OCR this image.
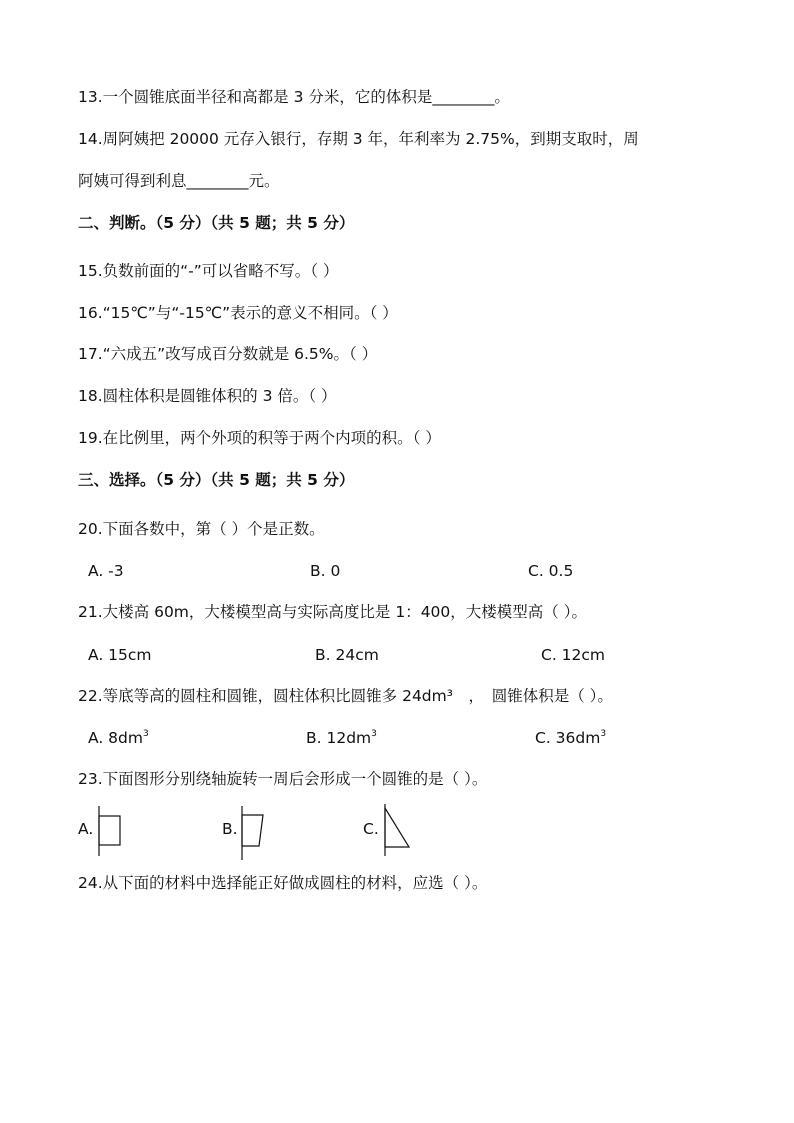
13.一个圆锥底面半径和高都是 3 分米，它的体积是________。
14.周阿姨把 20000 元存入银行，存期 3 年，年利率为 2.75%，到期支取时，周
阿姨可得到利息________元。
二、判断。（5 分）（共 5 题；共 5 分）
15.负数前面的“-”可以省略不写。（ ）
16.“15℃”与“-15℃”表示的意义不相同。（ ）
17.“六成五”改写成百分数就是 6.5%。（ ）
18.圆柱体积是圆锥体积的 3 倍。（ ）
19.在比例里，两个外项的积等于两个内项的积。（ ）
三、选择。（5 分）（共 5 题；共 5 分）
20.下面各数中，第（ ）个是正数。
A. -3	B. 0	C. 0.5
21.大楼高 60m，大楼模型高与实际高度比是 1：400，大楼模型高（ ）。
A. 15cm	B. 24cm	C. 12cm
22.等底等高的圆柱和圆锥，圆柱体积比圆锥多 24dm³　，　圆锥体积是（ ）。
A. $8dm^3$	B. $12dm^3$	C. $36dm^3$
23.下面图形分别绕轴旋转一周后会形成一个圆锥的是（ ）。
A.	B.	C.
24.从下面的材料中选择能正好做成圆柱的材料，应选（ ）。
